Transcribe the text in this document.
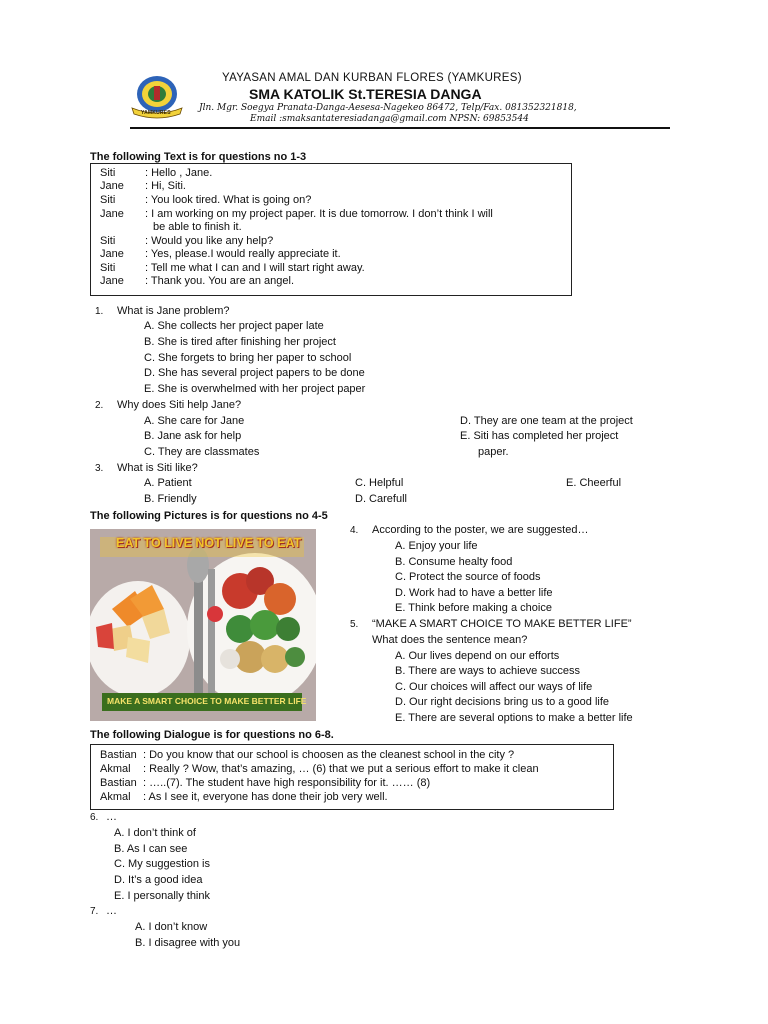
YAMKURES
YAYASAN AMAL DAN KURBAN FLORES (YAMKURES)
SMA KATOLIK St.TERESIA DANGA
Jln. Mgr. Soegya Pranata-Danga-Aesesa-Nagekeo 86472, Telp/Fax. 081352321818,
Email :smaksantateresiadanga@gmail.com NPSN: 69853544
The following Text is for questions no 1-3
Siti	: Hello , Jane.
Jane : Hi, Siti.
Siti	: You look tired. What is going on?
Jane : I am working on my project paper. It is due tomorrow. I don’t think I will
be able to finish it.
Siti	: Would you like any help?
Jane : Yes, please.I would really appreciate it.
Siti	: Tell me what I can and I will start right away.
Jane : Thank you. You are an angel.
1. What is Jane problem?
A. She collects her project paper late
B. She is tired after finishing her project
C. She forgets to bring her paper to school
D. She has several project papers to be done
E. She is overwhelmed with her project paper
2. Why does Siti help Jane?
A. She care for Jane
B. Jane ask for help
C. They are classmates
D. They are one team at the project
E. Siti has completed her project
paper.
3. What is Siti like?
A. Patient
B. Friendly
C. Helpful
D. Carefull
E. Cheerful
The following Pictures is for questions no 4-5
EAT TO LIVE NOT LIVE TO EAT
MAKE A SMART CHOICE TO MAKE BETTER LIFE
4. According to the poster, we are suggested…
A. Enjoy your life
B. Consume healty food
C. Protect the source of foods
D. Work had to have a better life
E. Think before making a choice
5. “MAKE A SMART CHOICE TO MAKE BETTER LIFE”
What does the sentence mean?
A. Our lives depend on our efforts
B. There are ways to achieve success
C. Our choices will affect our ways of life
D. Our right decisions bring us to a good life
E. There are several options to make a better life
The following Dialogue is for questions no 6-8.
Bastian : Do you know that our school is choosen as the cleanest school in the city ?
Akmal : Really ? Wow, that’s amazing, … (6) that we put a serious effort to make it clean
Bastian : …..(7). The student have high responsibility for it. …… (8)
Akmal : As I see it, everyone has done their job very well.
6. …
A. I don’t think of
B. As I can see
C. My suggestion is
D. It’s a good idea
E. I personally think
7. …
A. I don’t know
B. I disagree with you
